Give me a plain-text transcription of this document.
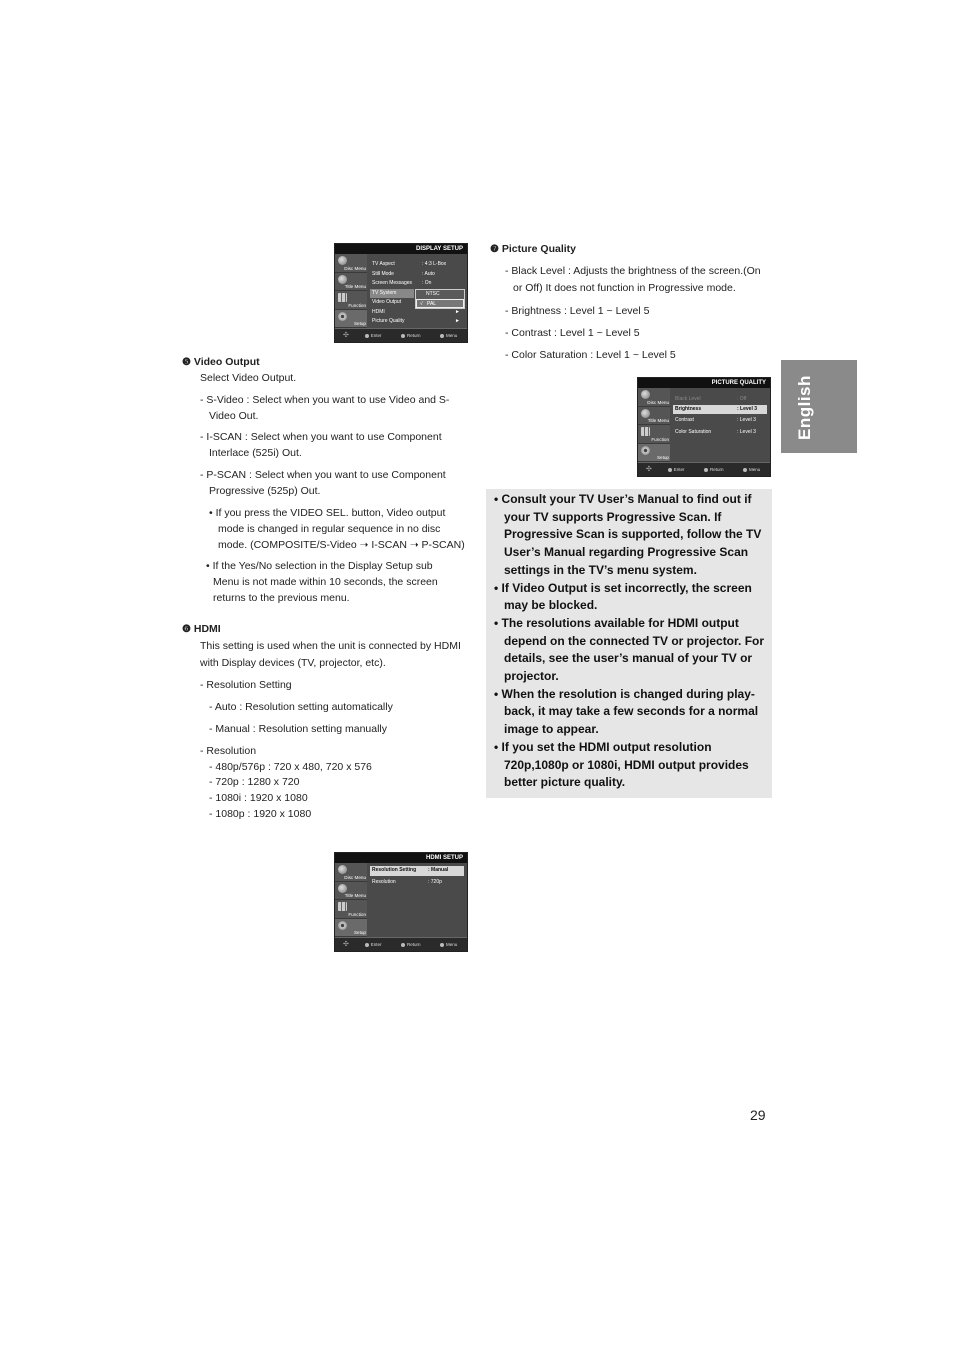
DISPLAY SETUP
Disc Menu
Title Menu
Function
Setup
TV Aspect	: 4:3 L-Box
Still Mode	: Auto
Screen Messages	: On
TV System
Video Output
HDMI	►
Picture Quality	►
NTSC
√ PAL
✣	Enter	Return	Menu
❺ Video Output
Select Video Output.
- S-Video : Select when you want to use Video and S-
Video Out.
- I-SCAN : Select when you want to use Component
Interlace (525i) Out.
- P-SCAN : Select when you want to use Component
Progressive (525p) Out.
• If you press the VIDEO SEL. button, Video output
mode is changed in regular sequence in no disc
mode. (COMPOSITE/S-Video ➝ I-SCAN ➝ P-SCAN)
• If the Yes/No selection in the Display Setup sub
Menu is not made within 10 seconds, the screen
returns to the previous menu.
❻ HDMI
This setting is used when the unit is connected by HDMI
with Display devices (TV, projector, etc).
- Resolution Setting
- Auto : Resolution setting automatically
- Manual : Resolution setting manually
- Resolution
- 480p/576p : 720 x 480, 720 x 576
- 720p : 1280 x 720
- 1080i : 1920 x 1080
- 1080p : 1920 x 1080
HDMI SETUP
Disc Menu
Title Menu
Function
Setup
Resolution Setting	: Manual
Resolution	: 720p
✣	Enter	Return	Menu
❼ Picture Quality
- Black Level : Adjusts the brightness of the screen.(On
or Off) It does not function in Progressive mode.
- Brightness : Level 1 ~ Level 5
- Contrast : Level 1 ~ Level 5
- Color Saturation : Level 1 ~ Level 5
PICTURE QUALITY
Disc Menu
Title Menu
Function
Setup
Black Level	: Off
Brightness	: Level 3
Contrast	: Level 3
Color Saturation	: Level 3
✣	Enter	Return	Menu
English

• Consult your TV User’s Manual to find out if your TV supports Progressive Scan. If Progressive Scan is supported, follow the TV User’s Manual regarding Progressive Scan settings in the TV’s menu system.

• If Video Output is set incorrectly, the screen may be blocked.

• The resolutions available for HDMI output depend on the connected TV or projector. For details, see the user’s manual of your TV or projector.

• When the resolution is changed during play-back, it may take a few seconds for a normal image to appear.

• If you set the HDMI output resolution 720p,1080p or 1080i, HDMI output provides better picture quality.

29
